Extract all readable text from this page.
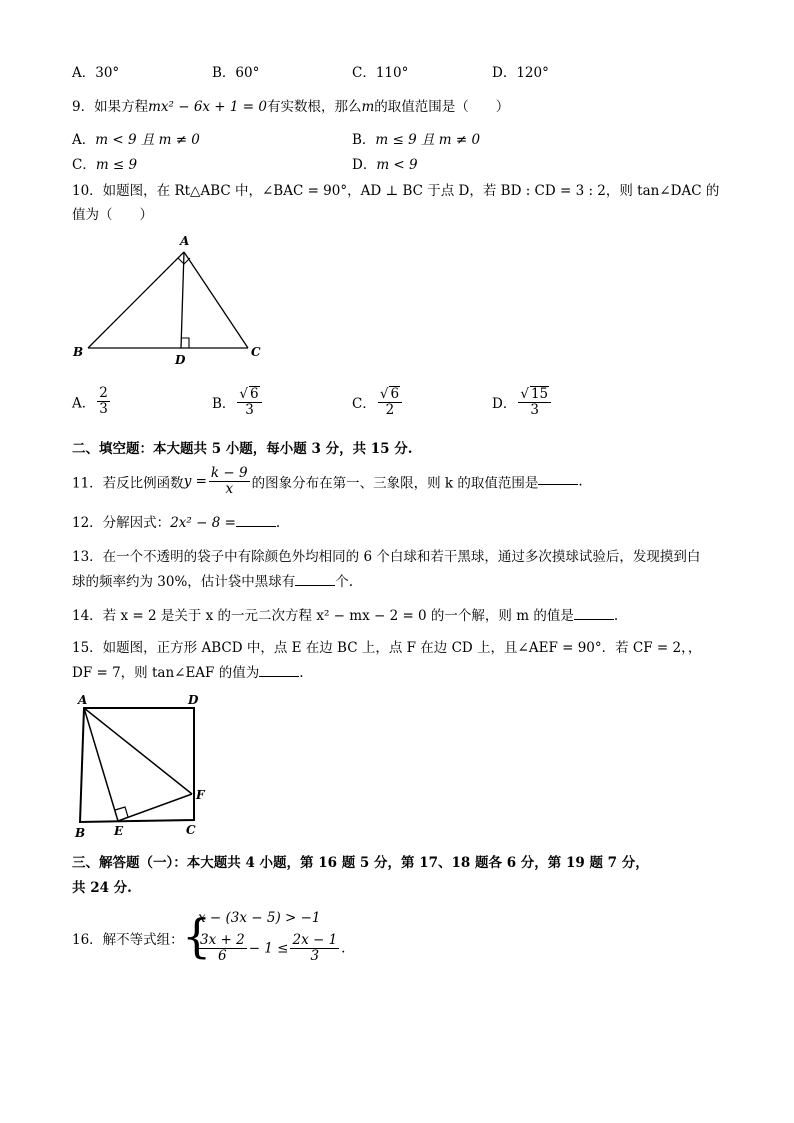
A．30°	B．60°	C．110°	D．120°
9．如果方程mx² − 6x + 1 = 0有实数根，那么m的取值范围是（　　）
A．m < 9 且 m ≠ 0	B．m ≤ 9 且 m ≠ 0
C．m ≤ 9	D．m < 9
10．如题图，在 Rt△ABC 中，∠BAC = 90°，AD ⊥ BC 于点 D，若 BD : CD = 3 : 2，则 tan∠DAC 的
值为（　　）
A
B	C
D
A． $\frac{2}{3}$	B． $\frac{√ 6}{3}$	C． $\frac{√ 6}{2}$	D． $\frac{√ 15}{3}$
二、填空题：本大题共 5 小题，每小题 3 分，共 15 分.
11．若反比例函数$y = \frac{k - 9}{x}$ 的图象分布在第一、三象限，则 k 的取值范围是	.
12．分解因式：2x² − 8 =	.
13．在一个不透明的袋子中有除颜色外均相同的 6 个白球和若干黑球，通过多次摸球试验后，发现摸到白
球的频率约为 30%，估计袋中黑球有	个.
14．若 x = 2 是关于 x 的一元二次方程 x² − mx − 2 = 0 的一个解，则 m 的值是	.
15．如题图，正方形 ABCD 中，点 E 在边 BC 上，点 F 在边 CD 上，且∠AEF = 90°．若 CF = 2，，
DF = 7，则 tan∠EAF 的值为	.
A	D
B E	C
F
三、解答题（一）：本大题共 4 小题，第 16 题 5 分，第 17、18 题各 6 分，第 19 题 7 分，
共 24 分.
16．解不等式组：
{
x − (3x − 5) > −1
$\frac{3x + 2}{6} - 1 \le \frac{2x - 1}{3}$ .
